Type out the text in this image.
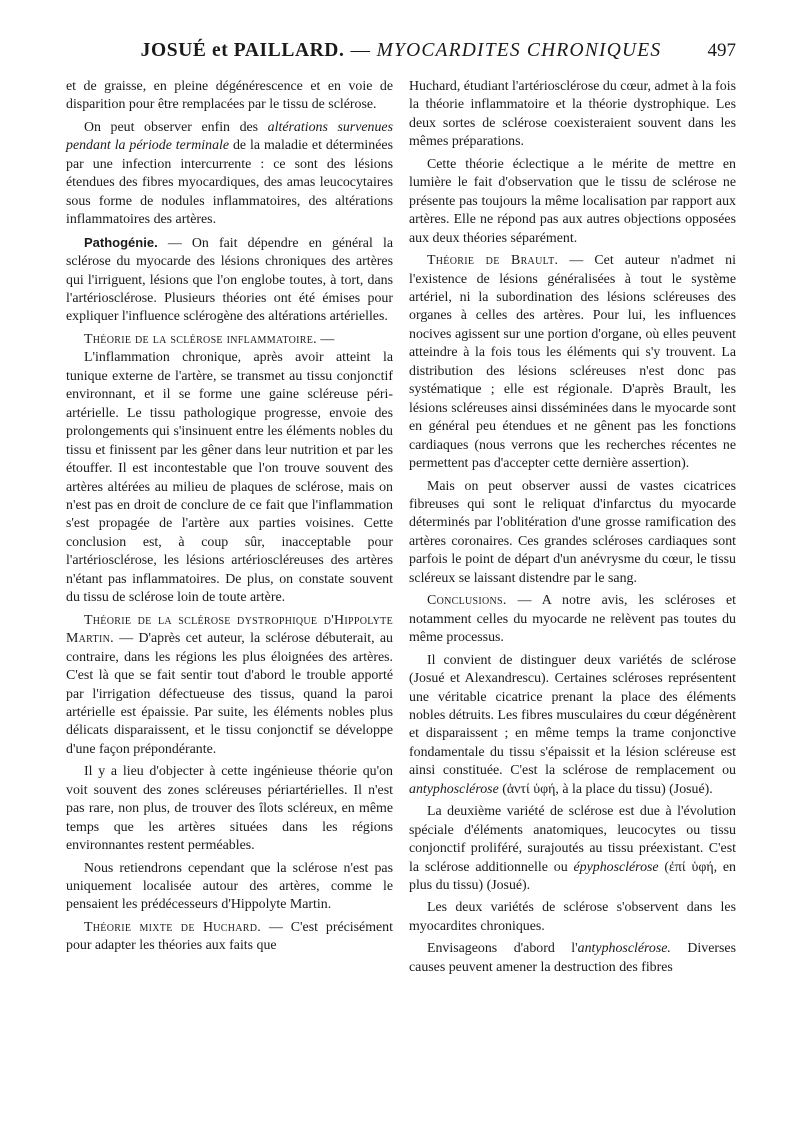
JOSUÉ et PAILLARD. — MYOCARDITES CHRONIQUES	497

et de graisse, en pleine dégénérescence et en voie de disparition pour être remplacées par le tissu de sclérose.

On peut observer enfin des altérations survenues pendant la période terminale de la maladie et déterminées par une infection intercurrente : ce sont des lésions étendues des fibres myocardiques, des amas leucocytaires sous forme de nodules inflammatoires, des altérations inflammatoires des artères.

Pathogénie. — On fait dépendre en général la sclérose du myocarde des lésions chroniques des artères qui l'irriguent, lésions que l'on englobe toutes, à tort, dans l'artériosclérose. Plusieurs théories ont été émises pour expliquer l'influence sclérogène des altérations artérielles.

Théorie de la sclérose inflammatoire. —

L'inflammation chronique, après avoir atteint la tunique externe de l'artère, se transmet au tissu conjonctif environnant, et il se forme une gaine scléreuse péri-artérielle. Le tissu pathologique progresse, envoie des prolongements qui s'insinuent entre les éléments nobles du tissu et finissent par les gêner dans leur nutrition et par les étouffer. Il est incontestable que l'on trouve souvent des artères altérées au milieu de plaques de sclérose, mais on n'est pas en droit de conclure de ce fait que l'inflammation s'est propagée de l'artère aux parties voisines. Cette conclusion est, à coup sûr, inacceptable pour l'artériosclérose, les lésions artérioscléreuses des artères n'étant pas inflammatoires. De plus, on constate souvent du tissu de sclérose loin de toute artère.

Théorie de la sclérose dystrophique d'Hippolyte Martin. — D'après cet auteur, la sclérose débuterait, au contraire, dans les régions les plus éloignées des artères. C'est là que se fait sentir tout d'abord le trouble apporté par l'irrigation défectueuse des tissus, quand la paroi artérielle est épaissie. Par suite, les éléments nobles plus délicats disparaissent, et le tissu conjonctif se développe d'une façon prépondérante.

Il y a lieu d'objecter à cette ingénieuse théorie qu'on voit souvent des zones scléreuses périartérielles. Il n'est pas rare, non plus, de trouver des îlots scléreux, en même temps que les artères situées dans les régions environnantes restent perméables.

Nous retiendrons cependant que la sclérose n'est pas uniquement localisée autour des artères, comme le pensaient les prédécesseurs d'Hippolyte Martin.

Théorie mixte de Huchard. — C'est précisément pour adapter les théories aux faits que

Huchard, étudiant l'artériosclérose du cœur, admet à la fois la théorie inflammatoire et la théorie dystrophique. Les deux sortes de sclérose coexisteraient souvent dans les mêmes préparations.

Cette théorie éclectique a le mérite de mettre en lumière le fait d'observation que le tissu de sclérose ne présente pas toujours la même localisation par rapport aux artères. Elle ne répond pas aux autres objections opposées aux deux théories séparément.

Théorie de Brault. — Cet auteur n'admet ni l'existence de lésions généralisées à tout le système artériel, ni la subordination des lésions scléreuses des organes à celles des artères. Pour lui, les influences nocives agissent sur une portion d'organe, où elles peuvent atteindre à la fois tous les éléments qui s'y trouvent. La distribution des lésions scléreuses n'est donc pas systématique ; elle est régionale. D'après Brault, les lésions scléreuses ainsi disséminées dans le myocarde sont en général peu étendues et ne gênent pas les fonctions cardiaques (nous verrons que les recherches récentes ne permettent pas d'accepter cette dernière assertion).

Mais on peut observer aussi de vastes cicatrices fibreuses qui sont le reliquat d'infarctus du myocarde déterminés par l'oblitération d'une grosse ramification des artères coronaires. Ces grandes scléroses cardiaques sont parfois le point de départ d'un anévrysme du cœur, le tissu scléreux se laissant distendre par le sang.

Conclusions. — A notre avis, les scléroses et notamment celles du myocarde ne relèvent pas toutes du même processus.

Il convient de distinguer deux variétés de sclérose (Josué et Alexandrescu). Certaines scléroses représentent une véritable cicatrice prenant la place des éléments nobles détruits. Les fibres musculaires du cœur dégénèrent et disparaissent ; en même temps la trame conjonctive fondamentale du tissu s'épaissit et la lésion scléreuse est ainsi constituée. C'est la sclérose de remplacement ou antyphosclérose (ἀντί ὑφή, à la place du tissu) (Josué).

La deuxième variété de sclérose est due à l'évolution spéciale d'éléments anatomiques, leucocytes ou tissu conjonctif proliféré, surajoutés au tissu préexistant. C'est la sclérose additionnelle ou épyphosclérose (ἐπί ὑφή, en plus du tissu) (Josué).

Les deux variétés de sclérose s'observent dans les myocardites chroniques.

Envisageons d'abord l'antyphosclérose. Diverses causes peuvent amener la destruction des fibres
